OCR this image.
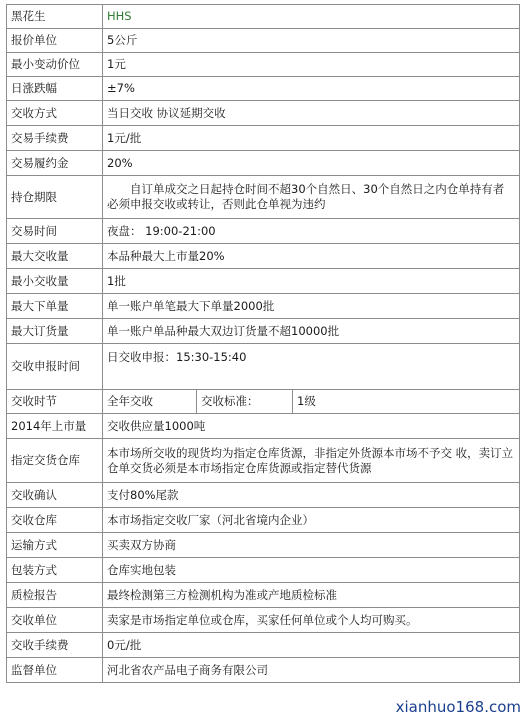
黑花生	HHS		
报价单位	5公斤		
最小变动价位	1元		
日涨跌幅	±7%		
交收方式	当日交收 协议延期交收		
交易手续费	1元/批		
交易履约金	20%		
持仓期限	自订单成交之日起持仓时间不超30个自然日、30个自然日之内仓单持有者必须申报交收或转让，否则此仓单视为违约		
交易时间	夜盘： 19:00-21:00		
最大交收量	本品种最大上市量20%		
最小交收量	1批		
最大下单量	单一账户单笔最大下单量2000批		
最大订货量	单一账户单品种最大双边订货量不超10000批		
交收申报时间	日交收申报：15:30-15:40		
交收时节	全年交收	交收标准：	1级
2014年上市量	交收供应量1000吨		
指定交货仓库	本市场所交收的现货均为指定仓库货源，非指定外货源本市场不予交 收，卖订立仓单交货必须是本市场指定仓库货源或指定替代货源		
交收确认	支付80%尾款		
交收仓库	本市场指定交收厂家（河北省境内企业）		
运输方式	买卖双方协商		
包装方式	仓库实地包装		
质检报告	最终检测第三方检测机构为准或产地质检标准		
交收单位	卖家是市场指定单位或仓库，买家任何单位或个人均可购买。		
交收手续费	0元/批		
监督单位	河北省农产品电子商务有限公司		
xianhuo168.com
